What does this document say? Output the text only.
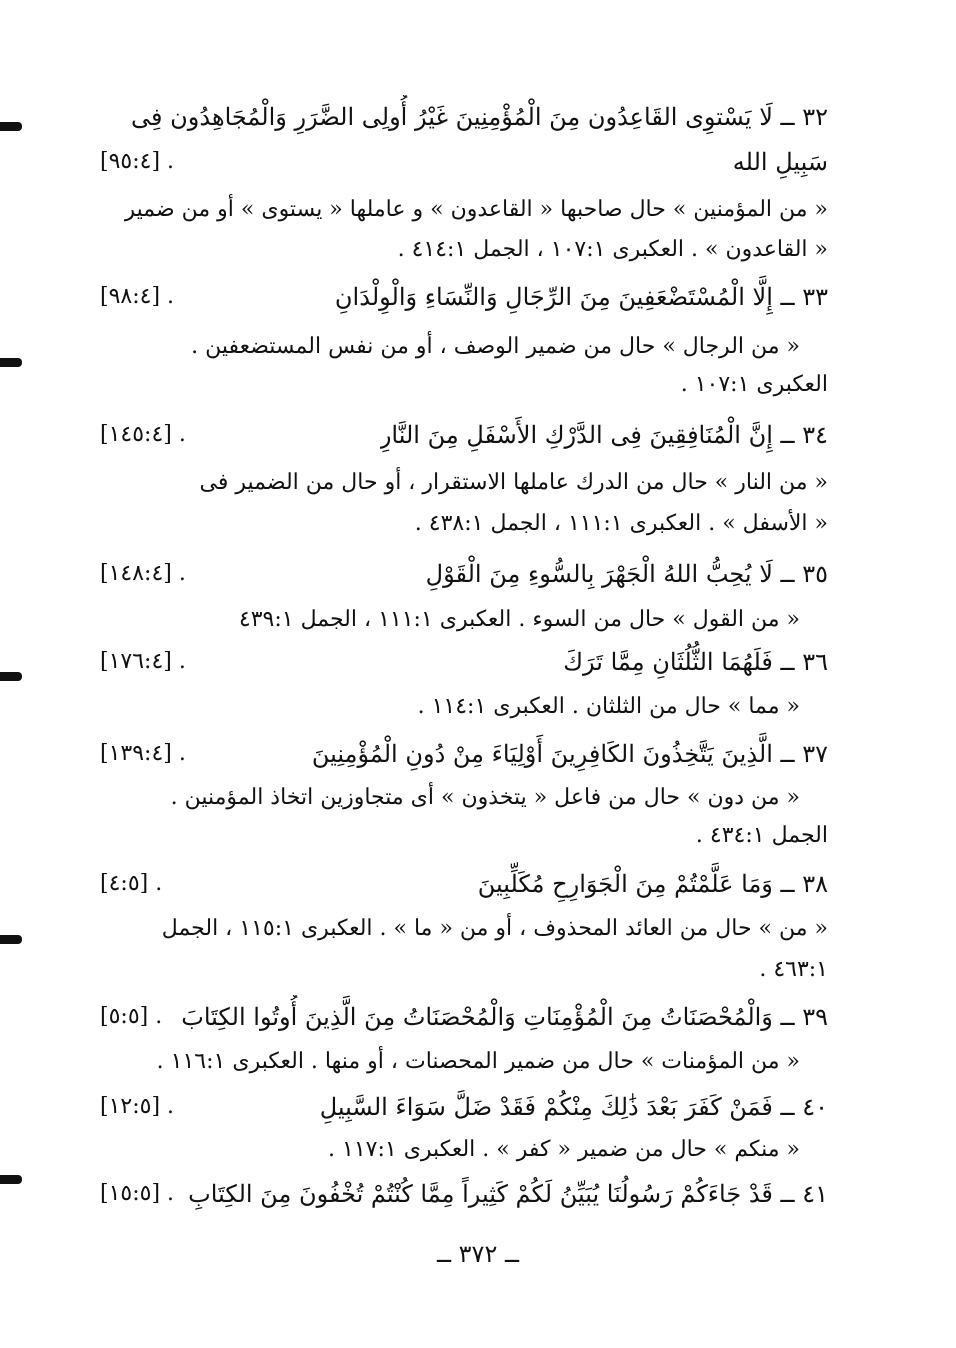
٣٢ ــ لَا يَسْتوِى القَاعِدُون مِنَ الْمُؤْمِنِينَ غَيْرُ أُولِى الضَّرَرِ وَالْمُجَاهِدُون فِى
سَبِيلِ الله
. [٩٥:٤]
« من المؤمنين » حال صاحبها « القاعدون » و عاملها « يستوى » أو من ضمير
« القاعدون » . العكبرى ١٠٧:١ ، الجمل ٤١٤:١ .
٣٣ ــ إِلَّا الْمُسْتَضْعَفِينَ مِنَ الرِّجَالِ وَالنِّسَاءِ وَالْوِلْدَانِ
. [٩٨:٤]
« من الرجال » حال من ضمير الوصف ، أو من نفس المستضعفين .
العكبرى ١٠٧:١ .
٣٤ ــ إِنَّ الْمُنَافِقِينَ فِى الدَّرْكِ الأَسْفَلِ مِنَ النَّارِ
. [١٤٥:٤]
« من النار » حال من الدرك عاملها الاستقرار ، أو حال من الضمير فى
« الأسفل » . العكبرى ١١١:١ ، الجمل ٤٣٨:١ .
٣٥ ــ لَا يُحِبُّ اللهُ الْجَهْرَ بِالسُّوءِ مِنَ الْقَوْلِ
. [١٤٨:٤]
« من القول » حال من السوء . العكبرى ١١١:١ ، الجمل ٤٣٩:١
٣٦ ــ فَلَهُمَا الثُّلُثَانِ مِمَّا تَرَكَ
. [١٧٦:٤]
« مما » حال من الثلثان . العكبرى ١١٤:١ .
٣٧ ــ الَّذِينَ يَتَّخِذُونَ الكَافِرِينَ أَوْلِيَاءَ مِنْ دُونِ الْمُؤْمِنِينَ
. [١٣٩:٤]
« من دون » حال من فاعل « يتخذون » أى متجاوزين اتخاذ المؤمنين .
الجمل ٤٣٤:١ .
٣٨ ــ وَمَا عَلَّمْتُمْ مِنَ الْجَوَارِحِ مُكَلِّبِينَ
. [٤:٥]
« من » حال من العائد المحذوف ، أو من « ما » . العكبرى ١١٥:١ ، الجمل
٤٦٣:١ .
٣٩ ــ وَالْمُحْصَنَاتُ مِنَ الْمُؤْمِنَاتِ وَالْمُحْصَنَاتُ مِنَ الَّذِينَ أُوتُوا الكِتَابَ
. [٥:٥]
« من المؤمنات » حال من ضمير المحصنات ، أو منها . العكبرى ١١٦:١ .
٤٠ ــ فَمَنْ كَفَرَ بَعْدَ ذَٰلِكَ مِنْكُمْ فَقَدْ ضَلَّ سَوَاءَ السَّبِيلِ
. [١٢:٥]
« منكم » حال من ضمير « كفر » . العكبرى ١١٧:١ .
٤١ ــ قَدْ جَاءَكُمْ رَسُولُنَا يُبَيِّنُ لَكُمْ كَثِيراً مِمَّا كُنْتُمْ تُخْفُونَ مِنَ الكِتَابِ
. [١٥:٥]
ــ ٣٧٢ ــ
